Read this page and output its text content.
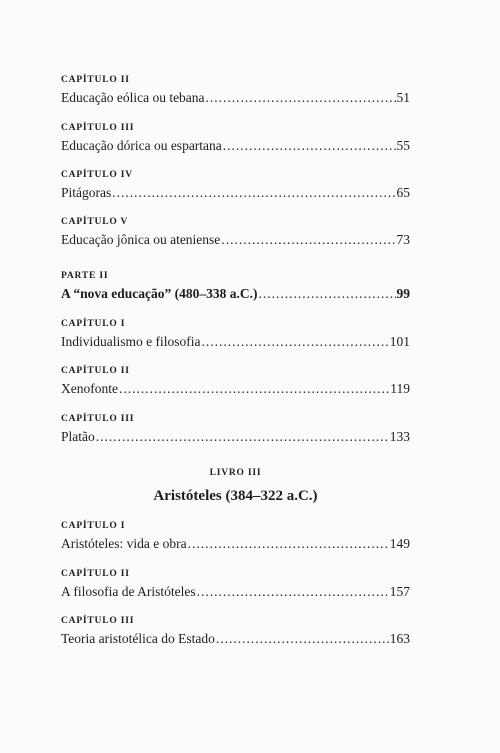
CAPÍTULO II
Educação eólica ou tebana .....	51
CAPÍTULO III
Educação dórica ou espartana .....	55
CAPÍTULO IV
Pitágoras .....	65
CAPÍTULO V
Educação jônica ou ateniense .....	73
PARTE II
A “nova educação” (480–338 a.C.) .....	99
CAPÍTULO I
Individualismo e filosofia .....	101
CAPÍTULO II
Xenofonte .....	119
CAPÍTULO III
Platão .....	133
LIVRO III
Aristóteles (384–322 a.C.)
CAPÍTULO I
Aristóteles: vida e obra .....	149
CAPÍTULO II
A filosofia de Aristóteles .....	157
CAPÍTULO III
Teoria aristotélica do Estado .....	163
